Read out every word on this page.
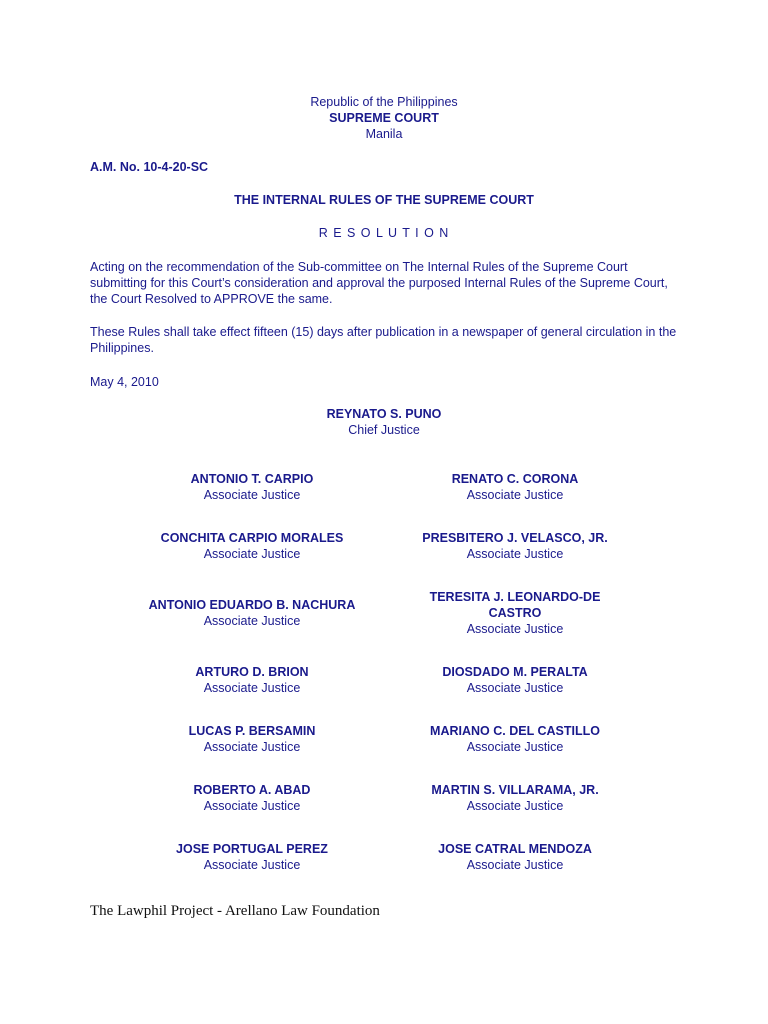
Republic of the Philippines
SUPREME COURT
Manila
A.M. No. 10-4-20-SC
THE INTERNAL RULES OF THE SUPREME COURT
R E S O L U T I O N
Acting on the recommendation of the Sub-committee on The Internal Rules of the Supreme Court submitting for this Court’s consideration and approval the purposed Internal Rules of the Supreme Court, the Court Resolved to APPROVE the same.
These Rules shall take effect fifteen (15) days after publication in a newspaper of general circulation in the Philippines.
May 4, 2010
REYNATO S. PUNO
Chief Justice
ANTONIO T. CARPIO
Associate Justice
RENATO C. CORONA
Associate Justice
CONCHITA CARPIO MORALES
Associate Justice
PRESBITERO J. VELASCO, JR.
Associate Justice
ANTONIO EDUARDO B. NACHURA
Associate Justice
TERESITA J. LEONARDO-DE CASTRO
Associate Justice
ARTURO D. BRION
Associate Justice
DIOSDADO M. PERALTA
Associate Justice
LUCAS P. BERSAMIN
Associate Justice
MARIANO C. DEL CASTILLO
Associate Justice
ROBERTO A. ABAD
Associate Justice
MARTIN S. VILLARAMA, JR.
Associate Justice
JOSE PORTUGAL PEREZ
Associate Justice
JOSE CATRAL MENDOZA
Associate Justice
The Lawphil Project - Arellano Law Foundation
